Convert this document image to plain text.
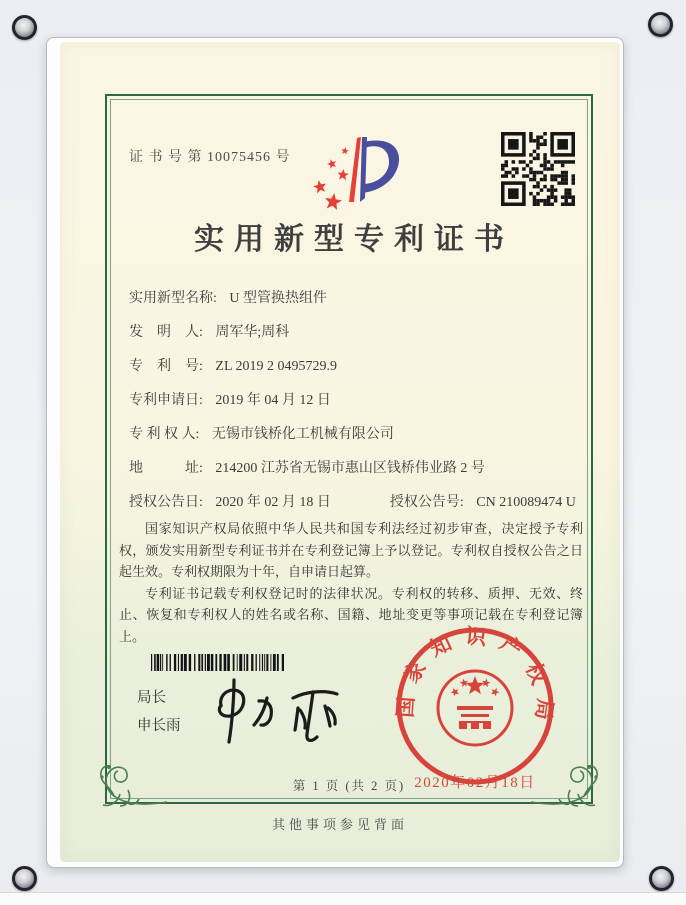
证 书 号 第 10075456 号
实用新型专利证书
实用新型名称: U 型管换热组件
发　明　人: 周军华;周科
专　利　号: ZL 2019 2 0495729.9
专利申请日: 2019 年 04 月 12 日
专 利 权 人: 无锡市钱桥化工机械有限公司
地　　　址: 214200 江苏省无锡市惠山区钱桥伟业路 2 号
授权公告日: 2020 年 02 月 18 日	授权公告号: CN 210089474 U

国家知识产权局依照中华人民共和国专利法经过初步审查，决定授予专利权，颁发实用新型专利证书并在专利登记簿上予以登记。专利权自授权公告之日起生效。专利权期限为十年，自申请日起算。

专利证书记载专利权登记时的法律状况。专利权的转移、质押、无效、终止、恢复和专利权人的姓名或名称、国籍、地址变更等事项记载在专利登记簿上。

局长
申长雨
国家知识产权局
2020年02月18日
第 1 页 (共 2 页)
其他事项参见背面
